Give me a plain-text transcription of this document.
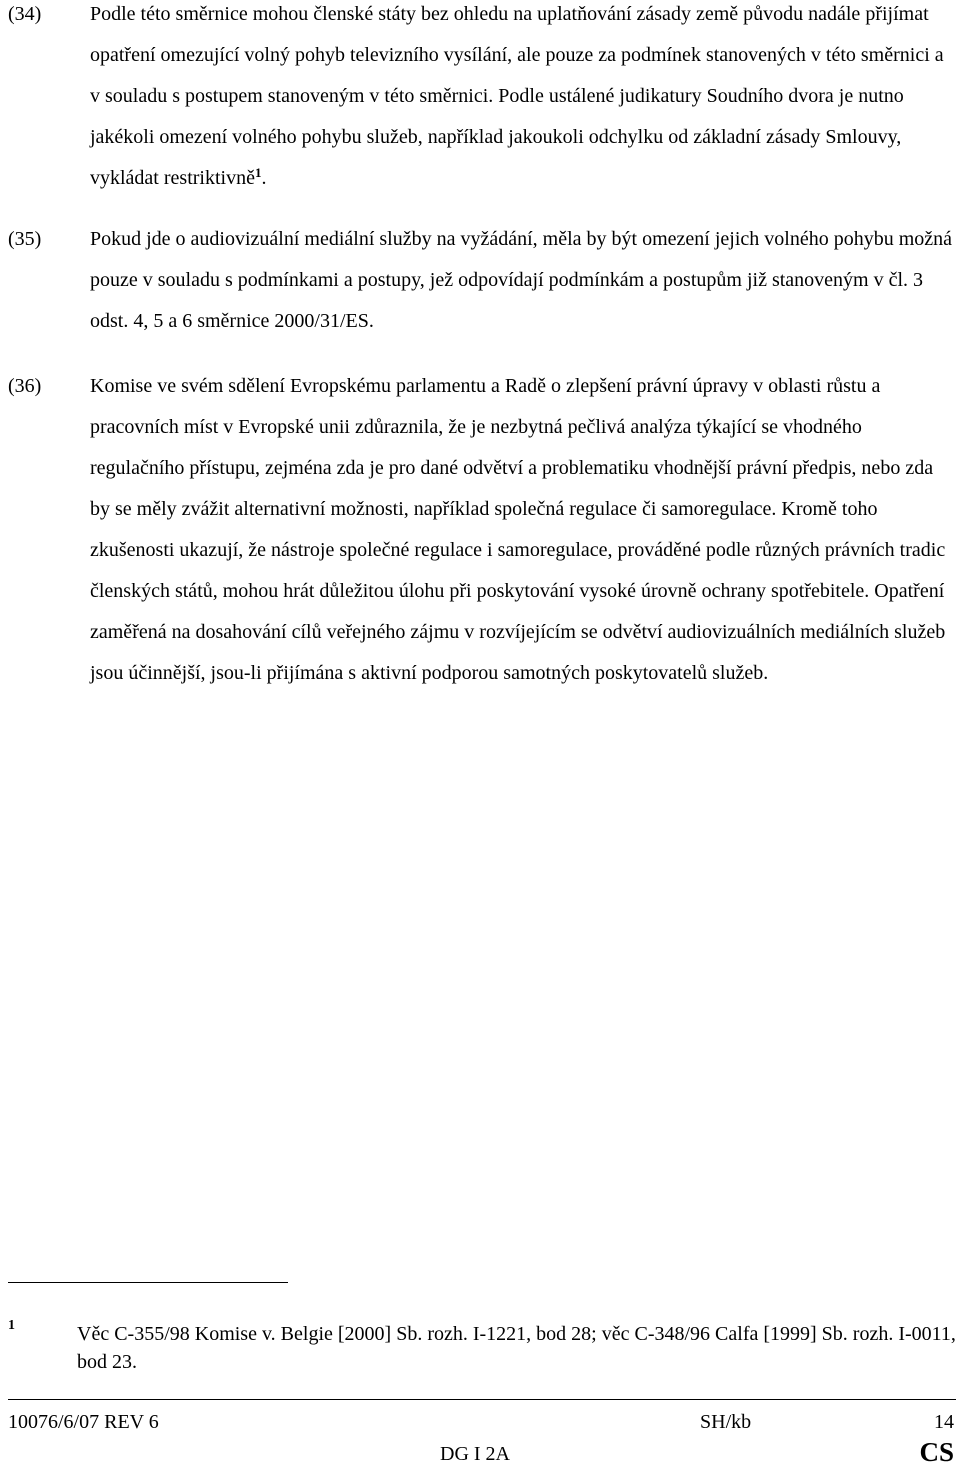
(34) Podle této směrnice mohou členské státy bez ohledu na uplatňování zásady země původu nadále přijímat opatření omezující volný pohyb televizního vysílání, ale pouze za podmínek stanovených v této směrnici a v souladu s postupem stanoveným v této směrnici. Podle ustálené judikatury Soudního dvora je nutno jakékoli omezení volného pohybu služeb, například jakoukoli odchylku od základní zásady Smlouvy, vykládat restriktivně$^1$.

(35) Pokud jde o audiovizuální mediální služby na vyžádání, měla by být omezení jejich volného pohybu možná pouze v souladu s podmínkami a postupy, jež odpovídají podmínkám a postupům již stanoveným v čl. 3 odst. 4, 5 a 6 směrnice 2000/31/ES.

(36) Komise ve svém sdělení Evropskému parlamentu a Radě o zlepšení právní úpravy v oblasti růstu a pracovních míst v Evropské unii zdůraznila, že je nezbytná pečlivá analýza týkající se vhodného regulačního přístupu, zejména zda je pro dané odvětví a problematiku vhodnější právní předpis, nebo zda by se měly zvážit alternativní možnosti, například společná regulace či samoregulace. Kromě toho zkušenosti ukazují, že nástroje společné regulace i samoregulace, prováděné podle různých právních tradic členských států, mohou hrát důležitou úlohu při poskytování vysoké úrovně ochrany spotřebitele. Opatření zaměřená na dosahování cílů veřejného zájmu v rozvíjejícím se odvětví audiovizuálních mediálních služeb jsou účinnější, jsou-li přijímána s aktivní podporou samotných poskytovatelů služeb.

1	Věc C-355/98 Komise v. Belgie [2000] Sb. rozh. I-1221, bod 28; věc C-348/96 Calfa [1999] Sb. rozh. I-0011, bod 23.

10076/6/07 REV 6	SH/kb	14
DG I 2A	CS
